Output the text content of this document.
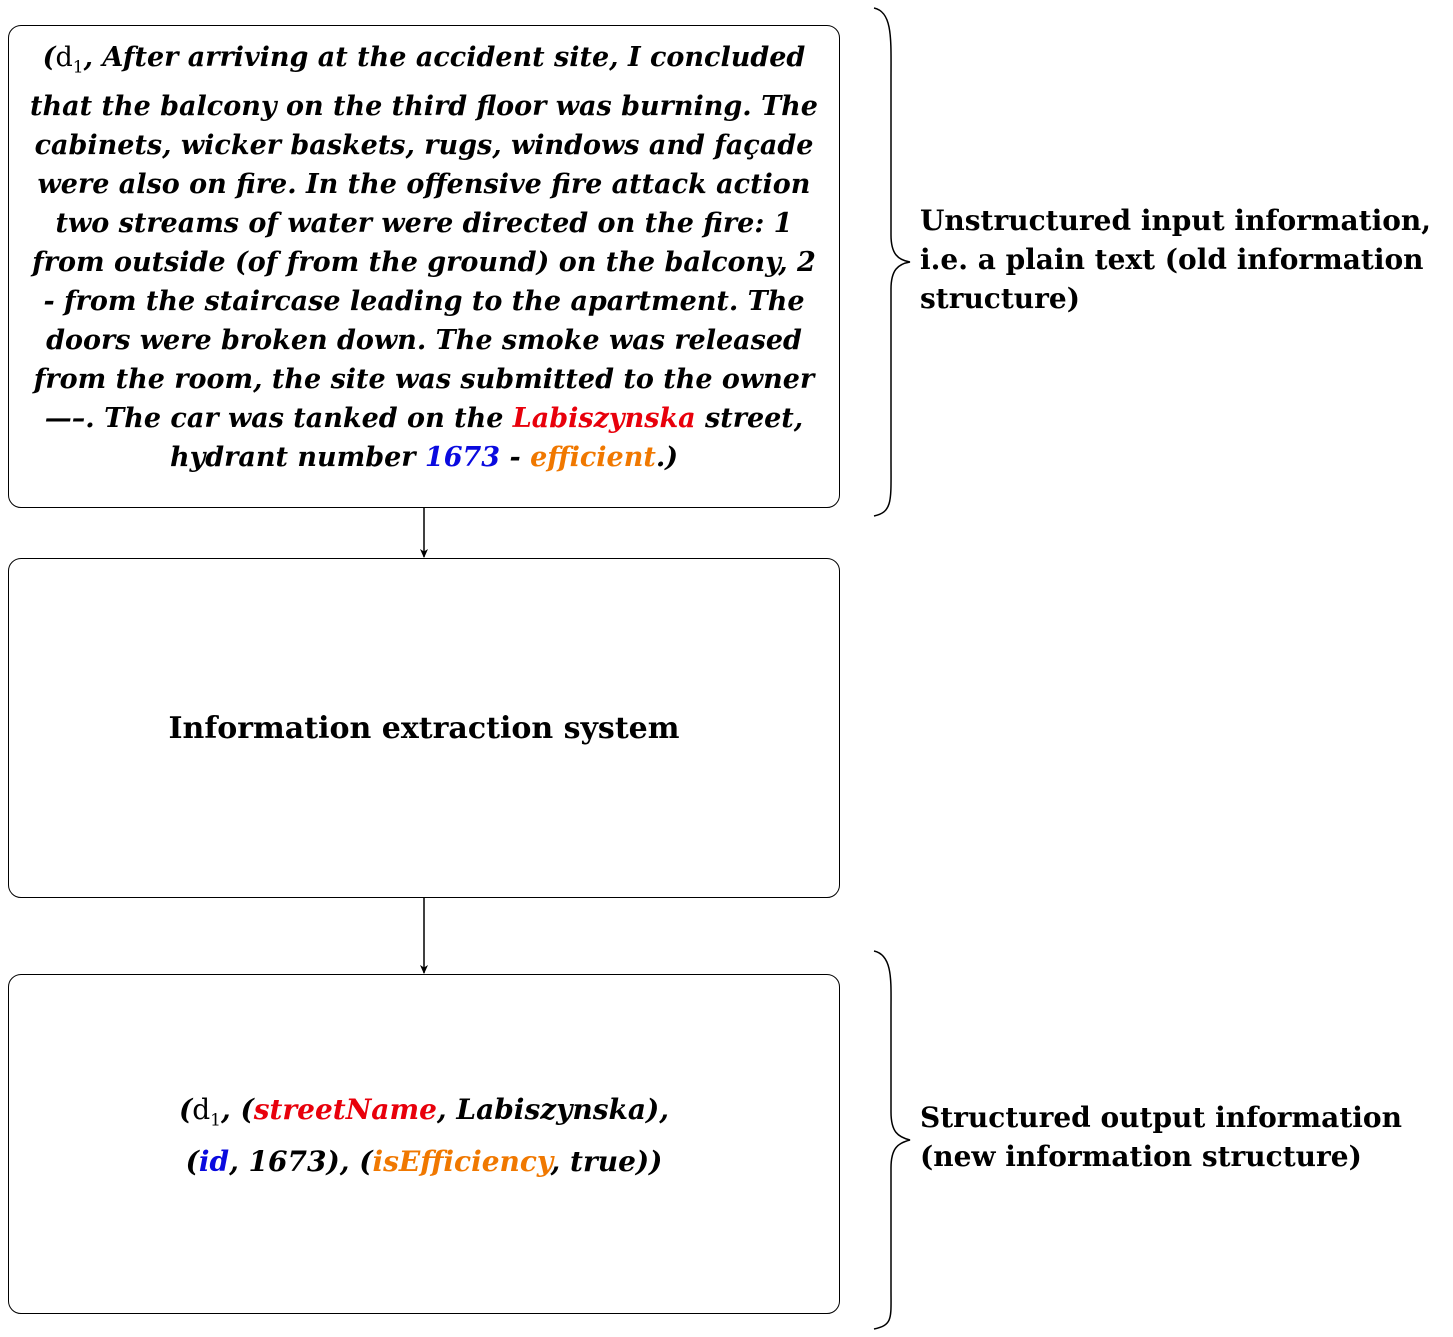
($d_1$, After arriving at the accident site, I concluded that the balcony on the third floor was burning. The cabinets, wicker baskets, rugs, windows and façade were also on fire. In the offensive fire attack action two streams of water were directed on the fire: 1 from outside (of from the ground) on the balcony, 2 - from the staircase leading to the apartment. The doors were broken down. The smoke was released from the room, the site was submitted to the owner —–. The car was tanked on the Labiszynska street, hydrant number 1673 - efficient.)
Information extraction system
($d_1$, (streetName, Labiszynska),
(id, 1673), (isEfficiency, true))
Unstructured input information,
i.e. a plain text (old information
structure)
Structured output information
(new information structure)
